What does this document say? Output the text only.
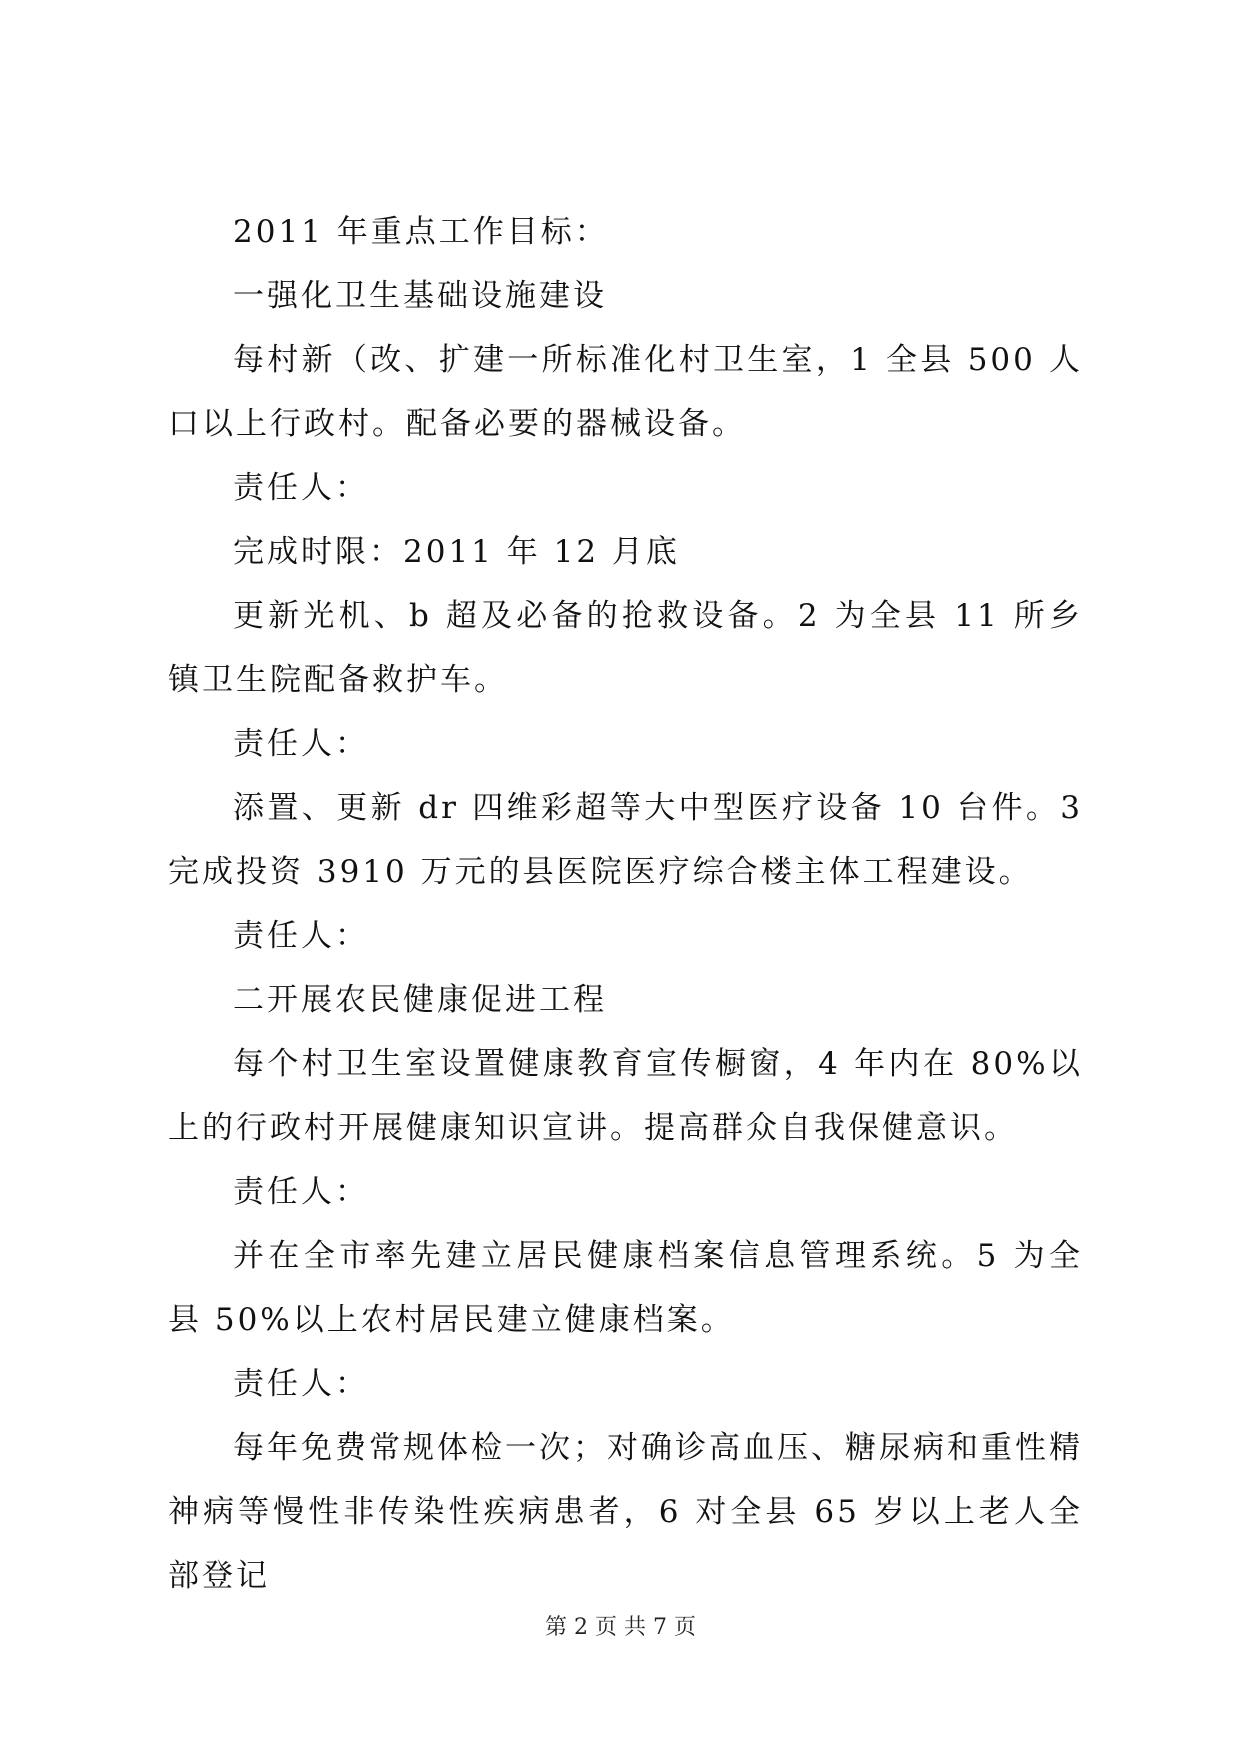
2011 年重点工作目标：

一强化卫生基础设施建设

每村新（改、扩建一所标准化村卫生室，1 全县 500 人口以上行政村。配备必要的器械设备。

责任人：

完成时限：2011 年 12 月底

更新光机、b 超及必备的抢救设备。2 为全县 11 所乡镇卫生院配备救护车。

责任人：

添置、更新 dr 四维彩超等大中型医疗设备 10 台件。3 完成投资 3910 万元的县医院医疗综合楼主体工程建设。

责任人：

二开展农民健康促进工程

每个村卫生室设置健康教育宣传橱窗，4 年内在 80%以上的行政村开展健康知识宣讲。提高群众自我保健意识。

责任人：

并在全市率先建立居民健康档案信息管理系统。5 为全县 50%以上农村居民建立健康档案。

责任人：

每年免费常规体检一次；对确诊高血压、糖尿病和重性精神病等慢性非传染性疾病患者，6 对全县 65 岁以上老人全部登记

第 2 页 共 7 页
